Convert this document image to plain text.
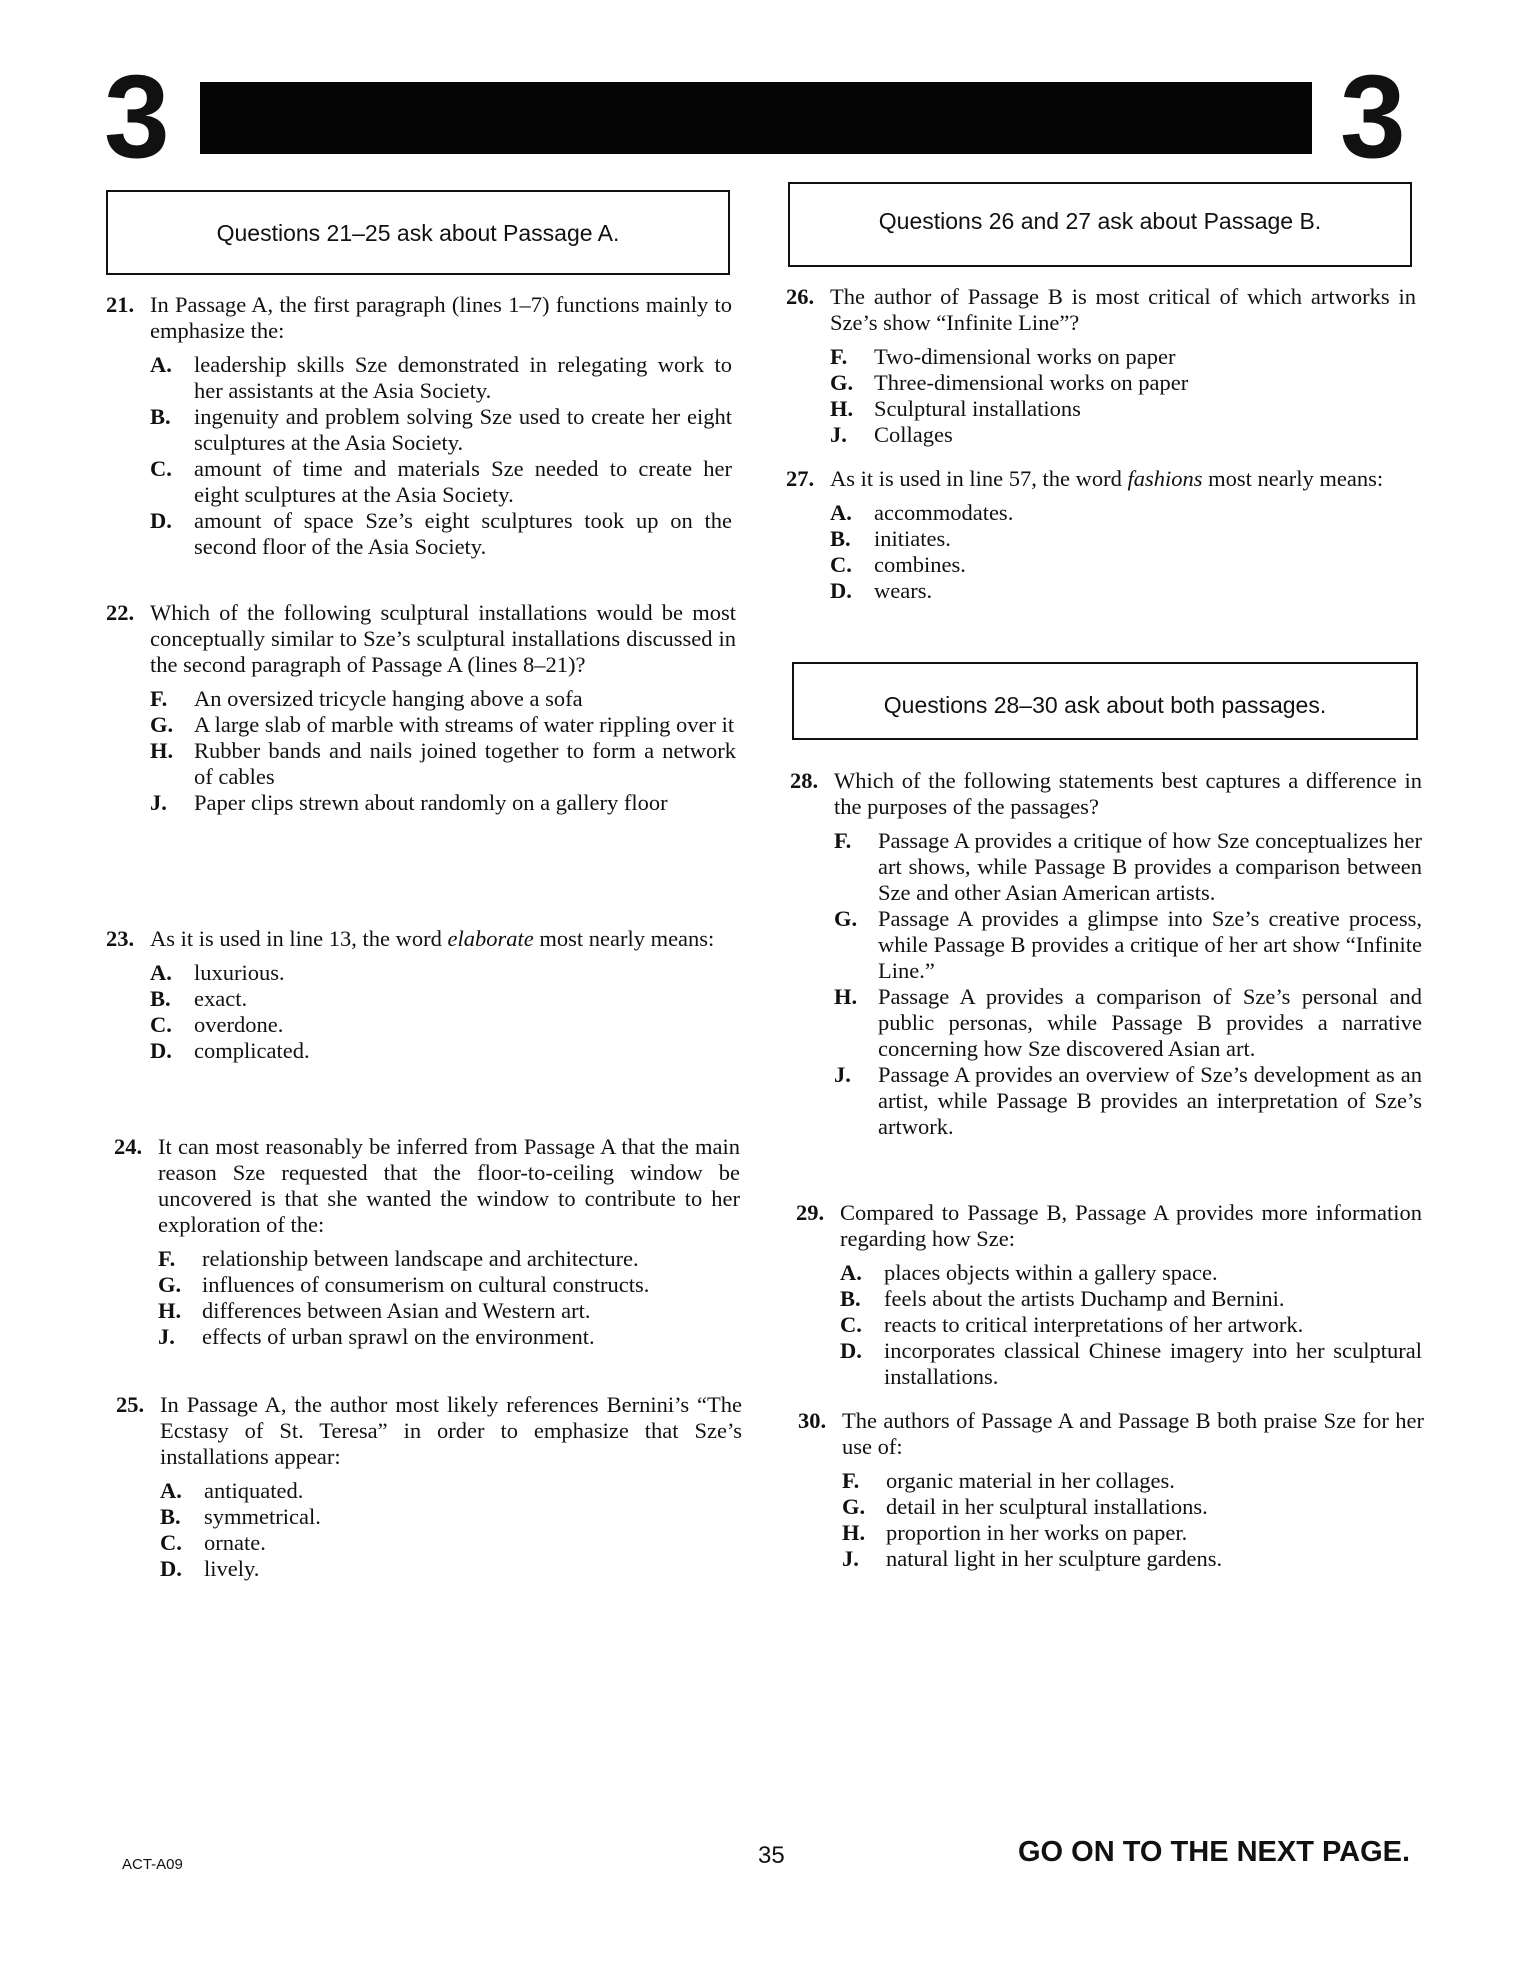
3	3
Questions 21–25 ask about Passage A.	Questions 26 and 27 ask about Passage B.
Questions 28–30 ask about both passages.
21. In Passage A, the first paragraph (lines 1–7) functions mainly to emphasize the:
A. leadership skills Sze demonstrated in relegating work to her assistants at the Asia Society.
B.	ingenuity and problem solving Sze used to create her eight sculptures at the Asia Society.
C. amount of time and materials Sze needed to create her eight sculptures at the Asia Society.
D. amount of space Sze’s eight sculptures took up on the second floor of the Asia Society.
22. Which of the following sculptural installations would be most conceptually similar to Sze’s sculptural installations discussed in the second paragraph of Passage A (lines 8–21)?
F.	An oversized tricycle hanging above a sofa
G. A large slab of marble with streams of water rippling over it
H. Rubber bands and nails joined together to form a network of cables
J.	Paper clips strewn about randomly on a gallery floor
23. As it is used in line 13, the word elaborate most nearly means:
A. luxurious.
B.	exact.
C. overdone.
D. complicated.
24. It can most reasonably be inferred from Passage A that the main reason Sze requested that the floor-to-ceiling window be uncovered is that she wanted the window to contribute to her exploration of the:
F.	relationship between landscape and architecture.
G. influences of consumerism on cultural constructs.
H. differences between Asian and Western art.
J.	effects of urban sprawl on the environment.
25. In Passage A, the author most likely references Bernini’s “The Ecstasy of St. Teresa” in order to emphasize that Sze’s installations appear:
A. antiquated.
B.	symmetrical.
C. ornate.
D. lively.
26. The author of Passage B is most critical of which artworks in Sze’s show “Infinite Line”?
F.	Two-dimensional works on paper
G. Three-dimensional works on paper
H. Sculptural installations
J.	Collages
27. As it is used in line 57, the word fashions most nearly means:
A. accommodates.
B.	initiates.
C. combines.
D. wears.
28. Which of the following statements best captures a difference in the purposes of the passages?
F.	Passage A provides a critique of how Sze conceptualizes her art shows, while Passage B provides a comparison between Sze and other Asian American artists.
G. Passage A provides a glimpse into Sze’s creative process, while Passage B provides a critique of her art show “Infinite Line.”
H. Passage A provides a comparison of Sze’s personal and public personas, while Passage B provides a narrative concerning how Sze discovered Asian art.
J.	Passage A provides an overview of Sze’s development as an artist, while Passage B provides an interpretation of Sze’s artwork.
29. Compared to Passage B, Passage A provides more information regarding how Sze:
A. places objects within a gallery space.
B.	feels about the artists Duchamp and Bernini.
C. reacts to critical interpretations of her artwork.
D. incorporates classical Chinese imagery into her sculptural installations.
30. The authors of Passage A and Passage B both praise Sze for her use of:
F.	organic material in her collages.
G. detail in her sculptural installations.
H. proportion in her works on paper.
J.	natural light in her sculpture gardens.
ACT-A09	35	GO ON TO THE NEXT PAGE.
